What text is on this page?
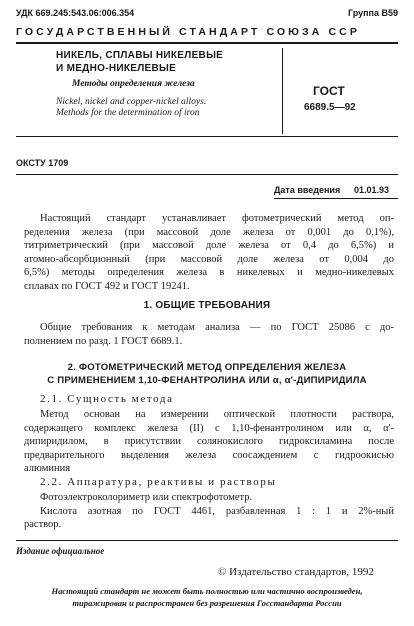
УДК 669.245:543.06:006.354	Группа В59
ГОСУДАРСТВЕННЫЙ СТАНДАРТ СОЮЗА ССР
НИКЕЛЬ, СПЛАВЫ НИКЕЛЕВЫЕ
И МЕДНО-НИКЕЛЕВЫЕ
Методы определения железа
Nickel, nickel and copper-nickel alloys.
Methods for the determination of iron
ГОСТ
6689.5—92
ОКСТУ 1709
Дата введения 01.01.93
Настоящий стандарт устанавливает фотометрический метод оп-
ределения железа (при массовой доле железа от 0,001 до 0,1%),
титриметрический (при массовой доле железа от 0,4 до 6,5%) и
атомно-абсорбционный (при массовой доле железа от 0,004 до
6,5%) методы определения железа в никелевых и медно-никелевых
сплавах по ГОСТ 492 и ГОСТ 19241.
1. ОБЩИЕ ТРЕБОВАНИЯ
Общие требования к методам анализа — по ГОСТ 25086 с до-
полнением по разд. 1 ГОСТ 6689.1.
2. ФОТОМЕТРИЧЕСКИЙ МЕТОД ОПРЕДЕЛЕНИЯ ЖЕЛЕЗА
С ПРИМЕНЕНИЕМ 1,10-ФЕНАНТРОЛИНА ИЛИ α, α'-ДИПИРИДИЛА
2.1. Сущность метода
Метод основан на измерении оптической плотности раствора,
содержащего комплекс железа (II) с 1,10-фенантролином или α, α'-
дипиридилом, в присутствии солянокислого гидроксиламина после
предварительного выделения железа соосаждением с гидроокисью
алюминия
2.2. Аппаратура, реактивы и растворы
Фотоэлектроколориметр или спектрофотометр.
Кислота азотная по ГОСТ 4461, разбавленная 1 : 1 и 2%-ный
раствор.
Издание официальное
© Издательство стандартов, 1992
Настоящий стандарт не может быть полностью или частично воспроизведен,
тиражирован и распространен без разрешения Госстандарта России
